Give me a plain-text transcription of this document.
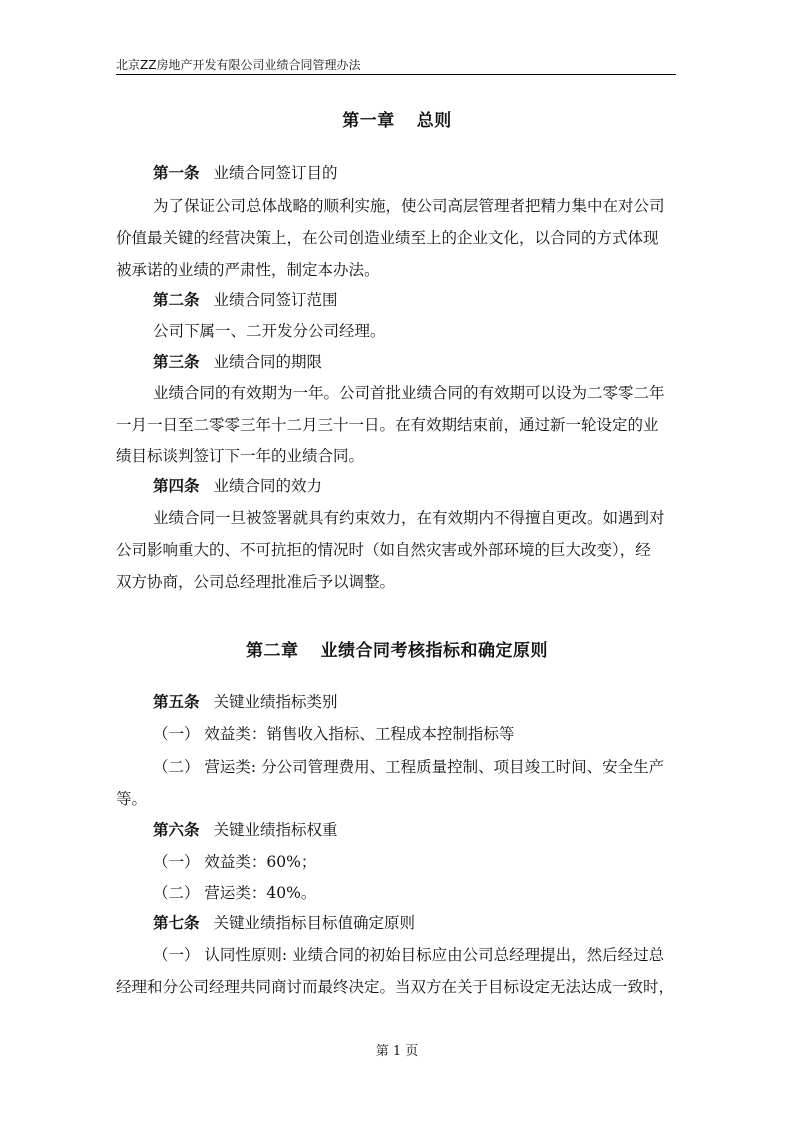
北京ZZ房地产开发有限公司业绩合同管理办法
第一章 总则
第一条 业绩合同签订目的
为了保证公司总体战略的顺利实施，使公司高层管理者把精力集中在对公司
价值最关键的经营决策上，在公司创造业绩至上的企业文化，以合同的方式体现
被承诺的业绩的严肃性，制定本办法。
第二条 业绩合同签订范围
公司下属一、二开发分公司经理。
第三条 业绩合同的期限
业绩合同的有效期为一年。公司首批业绩合同的有效期可以设为二零零二年
一月一日至二零零三年十二月三十一日。在有效期结束前，通过新一轮设定的业
绩目标谈判签订下一年的业绩合同。
第四条 业绩合同的效力
业绩合同一旦被签署就具有约束效力，在有效期内不得擅自更改。如遇到对
公司影响重大的、不可抗拒的情况时（如自然灾害或外部环境的巨大改变），经
双方协商，公司总经理批准后予以调整。
第二章 业绩合同考核指标和确定原则
第五条 关键业绩指标类别
（一） 效益类：销售收入指标、工程成本控制指标等
（二） 营运类: 分公司管理费用、工程质量控制、项目竣工时间、安全生产
等。
第六条 关键业绩指标权重
（一） 效益类：60%；
（二） 营运类：40%。
第七条 关键业绩指标目标值确定原则
（一） 认同性原则: 业绩合同的初始目标应由公司总经理提出，然后经过总
经理和分公司经理共同商讨而最终决定。当双方在关于目标设定无法达成一致时，
第 1 页
